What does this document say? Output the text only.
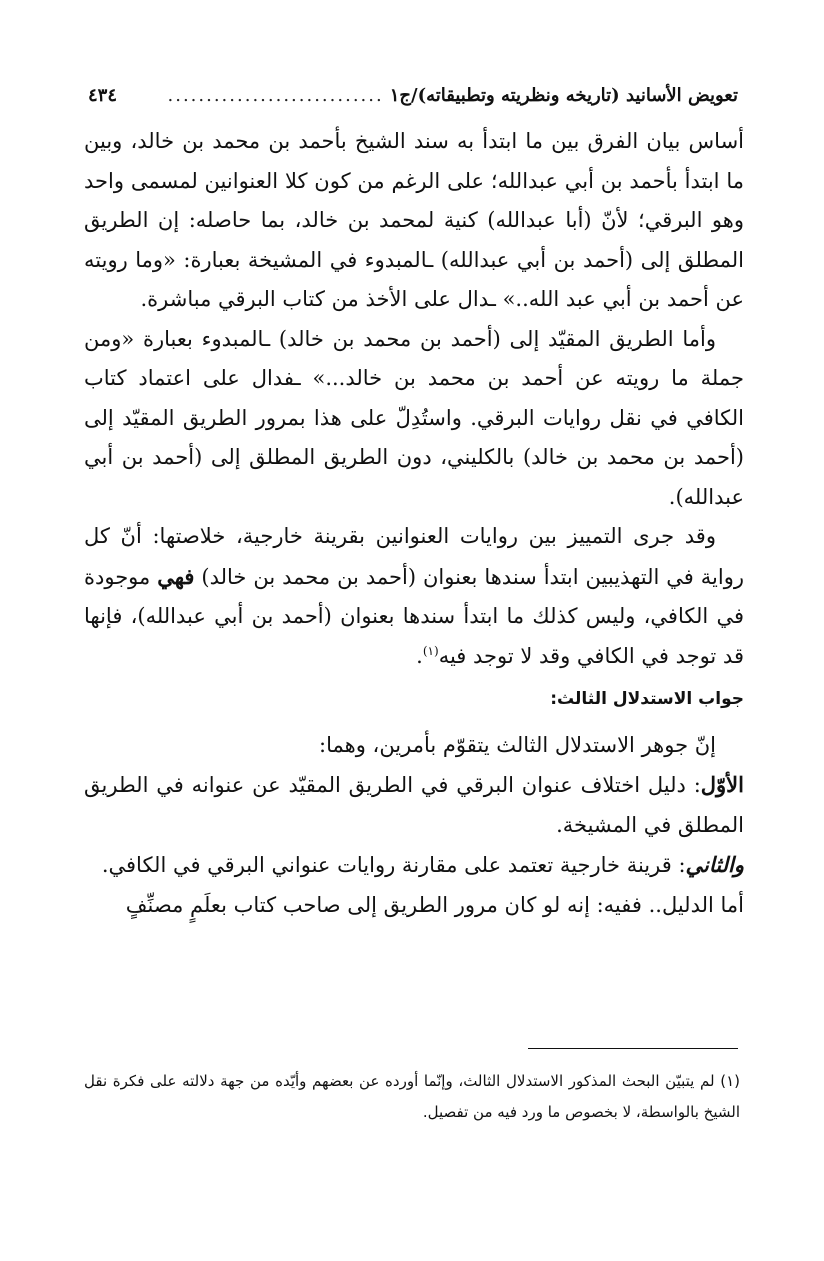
تعويض الأسانيد (تاريخه ونظريته وتطبيقاته)/ج١
............................
٤٣٤

أساس بيان الفرق بين ما ابتدأ به سند الشيخ بأحمد بن محمد بن خالد، وبين ما ابتدأ بأحمد بن أبي عبدالله؛ على الرغم من كون كلا العنوانين لمسمى واحد وهو البرقي؛ لأنّ (أبا عبدالله) كنية لمحمد بن خالد، بما حاصله: إن الطريق المطلق إلى (أحمد بن أبي عبدالله) ـالمبدوء في المشيخة بعبارة: «وما رويته عن أحمد بن أبي عبد الله..» ـدال على الأخذ من كتاب البرقي مباشرة.

وأما الطريق المقيّد إلى (أحمد بن محمد بن خالد) ـالمبدوء بعبارة «ومن جملة ما رويته عن أحمد بن محمد بن خالد...» ـفدال على اعتماد كتاب الكافي في نقل روايات البرقي. واستُدِلّ على هذا بمرور الطريق المقيّد إلى (أحمد بن محمد بن خالد) بالكليني، دون الطريق المطلق إلى (أحمد بن أبي عبدالله).

وقد جرى التمييز بين روايات العنوانين بقرينة خارجية، خلاصتها: أنّ كل رواية في التهذيبين ابتدأ سندها بعنوان (أحمد بن محمد بن خالد) فهي موجودة في الكافي، وليس كذلك ما ابتدأ سندها بعنوان (أحمد بن أبي عبدالله)، فإنها قد توجد في الكافي وقد لا توجد فيه$^{(١)}$.

جواب الاستدلال الثالث:

إنّ جوهر الاستدلال الثالث يتقوّم بأمرين، وهما:

الأوّل: دليل اختلاف عنوان البرقي في الطريق المقيّد عن عنوانه في الطريق المطلق في المشيخة.

والثاني: قرينة خارجية تعتمد على مقارنة روايات عنواني البرقي في الكافي.

أما الدليل.. ففيه: إنه لو كان مرور الطريق إلى صاحب كتاب بعلَمٍ مصنِّفٍ

(١) لم يتبيّن البحث المذكور الاستدلال الثالث، وإنّما أورده عن بعضهم وأيّده من جهة دلالته على فكرة نقل الشيخ بالواسطة، لا بخصوص ما ورد فيه من تفصيل.
